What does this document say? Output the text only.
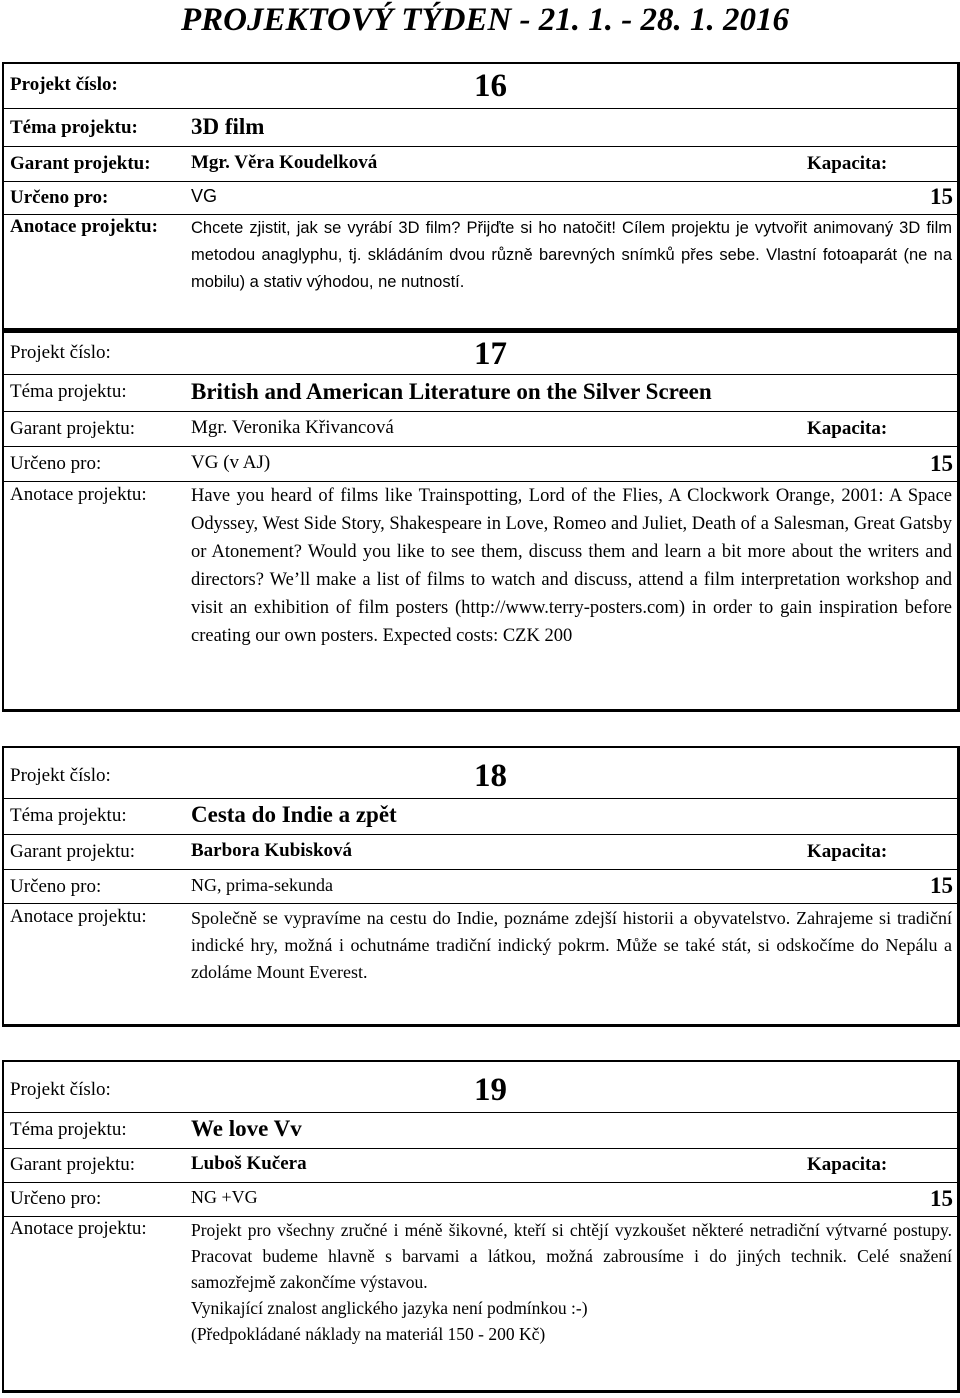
PROJEKTOVÝ TÝDEN - 21. 1. - 28. 1. 2016
Projekt číslo:	16
Téma projektu: 3D film
Garant projektu: Mgr. Věra Koudelková	Kapacita:
Určeno pro:	VG	15
Anotace projektu: Chcete zjistit, jak se vyrábí 3D film? Přijďte si ho natočit! Cílem projektu je vytvořit animovaný 3D film metodou anaglyphu, tj. skládáním dvou různě barevných snímků přes sebe. Vlastní fotoaparát (ne na mobilu) a stativ výhodou, ne nutností.
Projekt číslo:	17
Téma projektu:	British and American Literature on the Silver Screen
Garant projektu:	Mgr. Veronika Křivancová	Kapacita:
Určeno pro:	VG (v AJ)	15
Anotace projektu: Have you heard of films like Trainspotting, Lord of the Flies, A Clockwork Orange, 2001: A Space Odyssey, West Side Story, Shakespeare in Love, Romeo and Juliet, Death of a Salesman, Great Gatsby or Atonement? Would you like to see them, discuss them and learn a bit more about the writers and directors? We’ll make a list of films to watch and discuss, attend a film interpretation workshop and visit an exhibition of film posters (http://www.terry-posters.com) in order to gain inspiration before creating our own posters. Expected costs: CZK 200
Projekt číslo:	18
Téma projektu:	Cesta do Indie a zpět
Garant projektu:	Barbora Kubisková	Kapacita:
Určeno pro:	NG, prima-sekunda	15
Anotace projektu: Společně se vypravíme na cestu do Indie, poznáme zdejší historii a obyvatelstvo. Zahrajeme si tradiční indické hry, možná i ochutnáme tradiční indický pokrm. Může se také stát, si odskočíme do Nepálu a zdoláme Mount Everest.
Projekt číslo:	19
Téma projektu:	We love Vv
Garant projektu:	Luboš Kučera	Kapacita:
Určeno pro:	NG +VG	15
Anotace projektu:	Projekt pro všechny zručné i méně šikovné, kteří si chtějí vyzkoušet některé netradiční výtvarné postupy. Pracovat budeme hlavně s barvami a látkou, možná zabrousíme i do jiných technik. Celé snažení samozřejmě zakončíme výstavou.

Vynikající znalost anglického jazyka není podmínkou :-)

(Předpokládané náklady na materiál 150 - 200 Kč)
